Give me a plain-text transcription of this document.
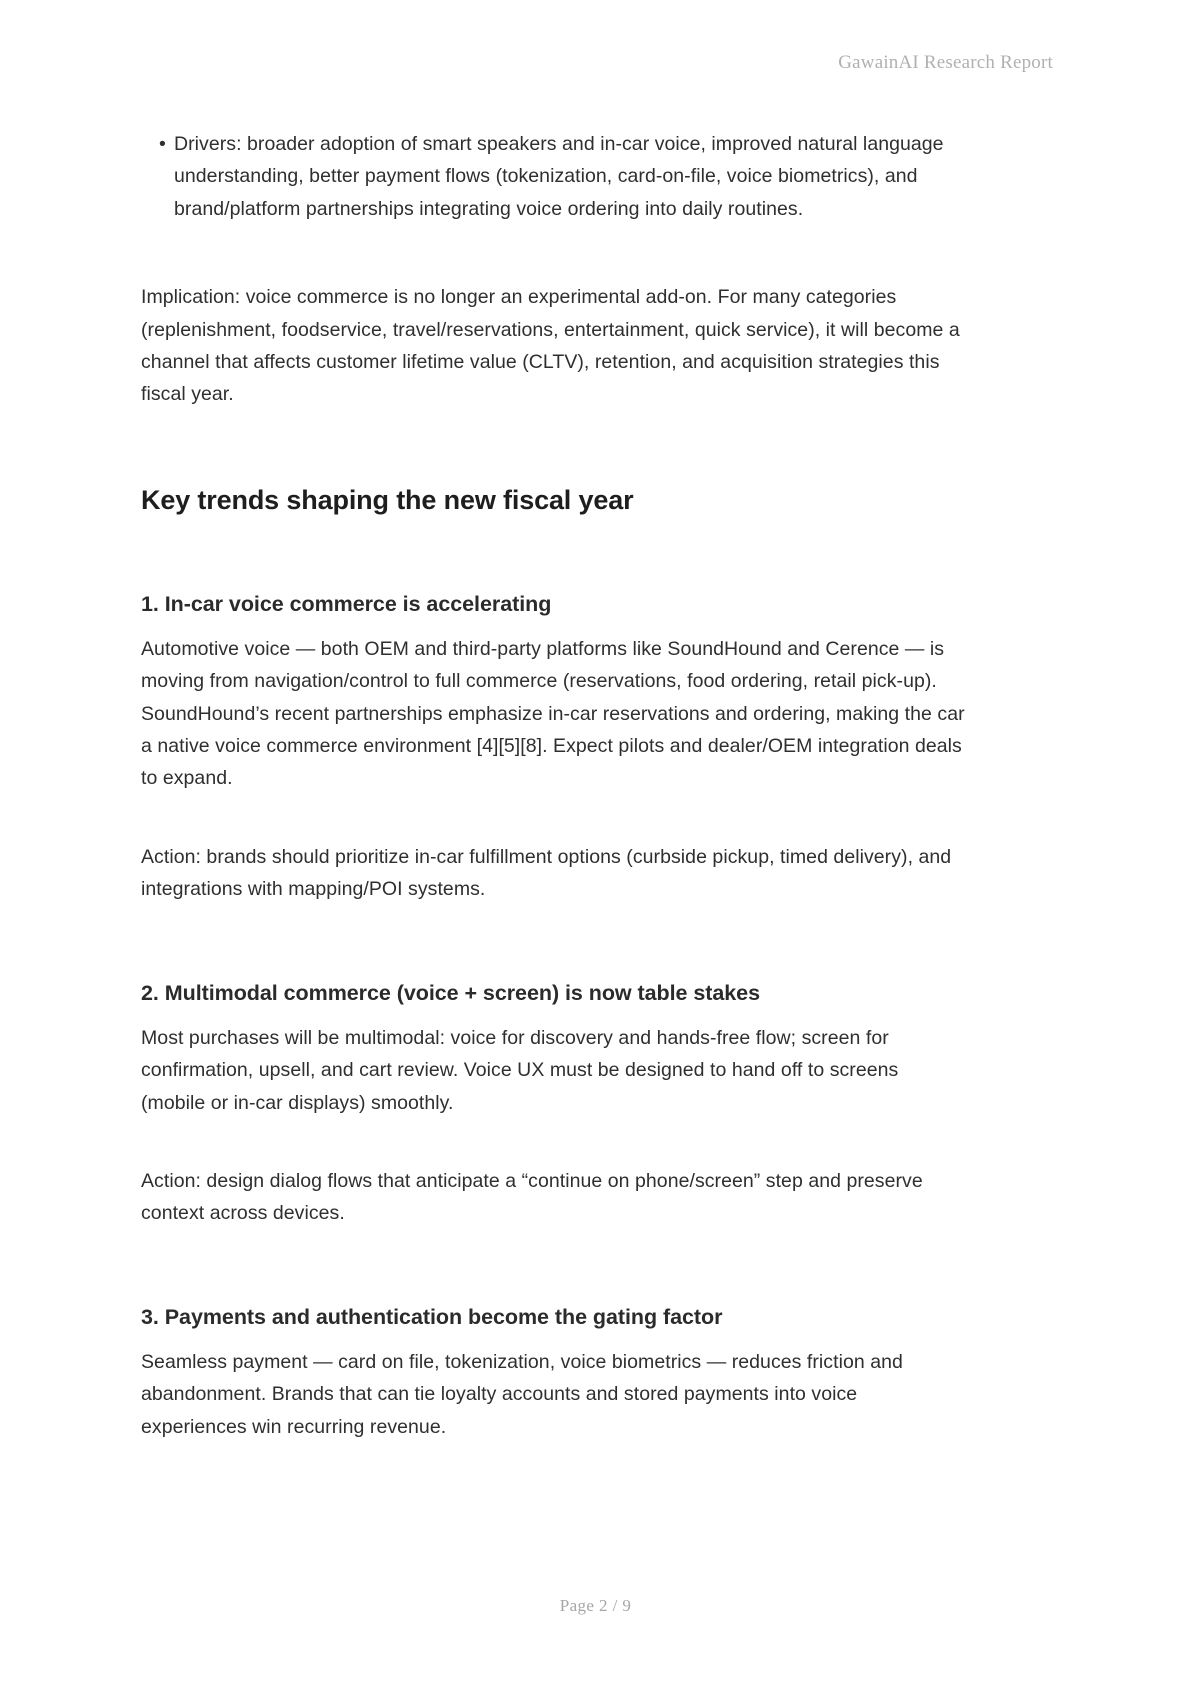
GawainAI Research Report
• Drivers: broader adoption of smart speakers and in-car voice, improved natural language understanding, better payment flows (tokenization, card-on-file, voice biometrics), and brand/platform partnerships integrating voice ordering into daily routines.

Implication: voice commerce is no longer an experimental add-on. For many categories (replenishment, foodservice, travel/reservations, entertainment, quick service), it will become a channel that affects customer lifetime value (CLTV), retention, and acquisition strategies this fiscal year.

Key trends shaping the new fiscal year
1. In-car voice commerce is accelerating

Automotive voice — both OEM and third-party platforms like SoundHound and Cerence — is moving from navigation/control to full commerce (reservations, food ordering, retail pick-up). SoundHound’s recent partnerships emphasize in-car reservations and ordering, making the car a native voice commerce environment [4][5][8]. Expect pilots and dealer/OEM integration deals to expand.

Action: brands should prioritize in-car fulfillment options (curbside pickup, timed delivery), and integrations with mapping/POI systems.

2. Multimodal commerce (voice + screen) is now table stakes

Most purchases will be multimodal: voice for discovery and hands-free flow; screen for confirmation, upsell, and cart review. Voice UX must be designed to hand off to screens (mobile or in-car displays) smoothly.

Action: design dialog flows that anticipate a “continue on phone/screen” step and preserve context across devices.

3. Payments and authentication become the gating factor

Seamless payment — card on file, tokenization, voice biometrics — reduces friction and abandonment. Brands that can tie loyalty accounts and stored payments into voice experiences win recurring revenue.

Page 2 / 9
